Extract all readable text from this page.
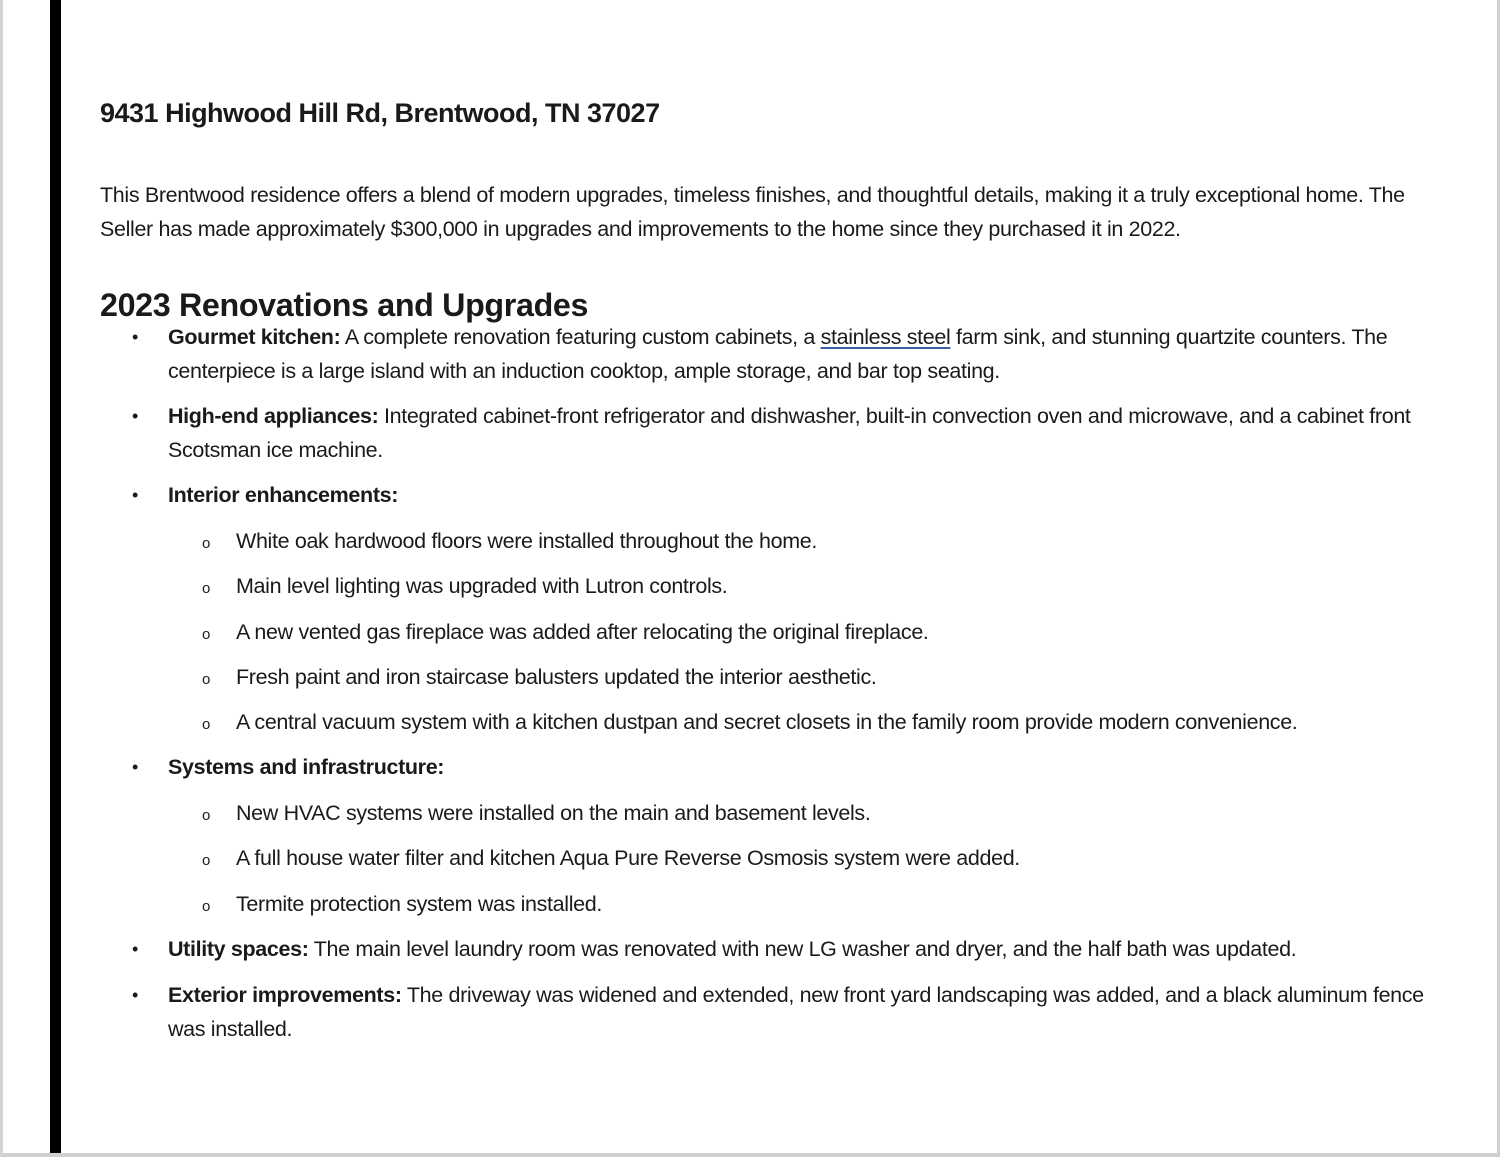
9431 Highwood Hill Rd, Brentwood, TN 37027

This Brentwood residence offers a blend of modern upgrades, timeless finishes, and thoughtful details, making it a truly exceptional home. The Seller has made approximately $300,000 in upgrades and improvements to the home since they purchased it in 2022.

2023 Renovations and Upgrades

• Gourmet kitchen: A complete renovation featuring custom cabinets, a stainless steel farm sink, and stunning quartzite counters. The centerpiece is a large island with an induction cooktop, ample storage, and bar top seating.

• High-end appliances: Integrated cabinet-front refrigerator and dishwasher, built-in convection oven and microwave, and a cabinet front Scotsman ice machine.

• Interior enhancements:

o White oak hardwood floors were installed throughout the home.

o Main level lighting was upgraded with Lutron controls.

o A new vented gas fireplace was added after relocating the original fireplace.

o Fresh paint and iron staircase balusters updated the interior aesthetic.

o A central vacuum system with a kitchen dustpan and secret closets in the family room provide modern convenience.

• Systems and infrastructure:

o New HVAC systems were installed on the main and basement levels.

o A full house water filter and kitchen Aqua Pure Reverse Osmosis system were added.

o Termite protection system was installed.

• Utility spaces: The main level laundry room was renovated with new LG washer and dryer, and the half bath was updated.

• Exterior improvements: The driveway was widened and extended, new front yard landscaping was added, and a black aluminum fence was installed.
